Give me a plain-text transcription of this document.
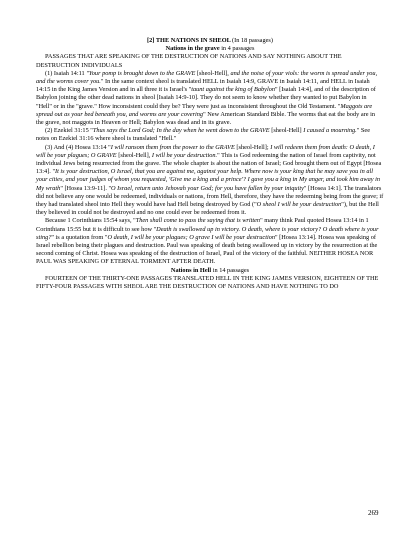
[2] THE NATIONS IN SHEOL (In 18 passages)
Nations in the grave in 4 passages

PASSAGES THAT ARE SPEAKING OF THE DESTRUCTION OF NATIONS AND SAY NOTHING ABOUT THE DESTRUCTION INDIVIDUALS

(1) Isaiah 14:11 "Your pomp is brought down to the GRAVE [sheol-Hell], and the noise of your viols: the worm is spread under you, and the worms cover you." In the same context sheol is translated HELL in Isaiah 14:9, GRAVE in Isaiah 14:11, and HELL in Isaiah 14:15 in the King James Version and in all three it is Israel's "taunt against the king of Babylon" [Isaiah 14:4], and of the description of Babylon joining the other dead nations in sheol [Isaiah 14:9-10]. They do not seem to know whether they wanted to put Babylon in "Hell" or in the "grave." How inconsistent could they be? They were just as inconsistent throughout the Old Testament. "Maggots are spread out as your bed beneath you, and worms are your covering" New American Standard Bible. The worms that eat the body are in the grave, not maggots in Heaven or Hell; Babylon was dead and in its grave.

(2) Ezekiel 31:15 "Thus says the Lord God; In the day when he went down to the GRAVE [sheol-Hell] I caused a mourning." See notes on Ezekiel 31:16 where sheol is translated "Hell."

(3) And (4) Hosea 13:14 "I will ransom them from the power to the GRAVE [sheol-Hell]; I will redeem them from death: O death, I will be your plagues; O GRAVE [sheol-Hell], I will be your destruction." This is God redeeming the nation of Israel from captivity, not individual Jews being resurrected from the grave. The whole chapter is about the nation of Israel; God brought them out of Egypt [Hosea 13:4]. "It is your destruction, O Israel, that you are against me, against your help. Where now is your king that he may save you in all your cities, and your judges of whom you requested, 'Give me a king and a prince'? I gave you a king in My anger, and took him away in My wrath" [Hosea 13:9-11]. "O Israel, return unto Jehovah your God; for you have fallen by your iniquity" [Hosea 14:1]. The translators did not believe any one would be redeemed, individuals or nations, from Hell, therefore, they have the redeeming being from the grave; if they had translated sheol into Hell they would have had Hell being destroyed by God ("O sheol I will be your destruction"), but the Hell they believed in could not be destroyed and no one could ever be redeemed from it.

Because 1 Corinthians 15:54 says, "Then shall come to pass the saying that is written" many think Paul quoted Hosea 13:14 in 1 Corinthians 15:55 but it is difficult to see how "Death is swallowed up in victory. O death, where is your victory? O death where is your sting?" is a quotation from "O death, I will be your plagues; O grave I will be your destruction" [Hosea 13:14]. Hosea was speaking of Israel rebellion being their plagues and destruction. Paul was speaking of death being swallowed up in victory by the resurrection at the second coming of Christ. Hosea was speaking of the destruction of Israel, Paul of the victory of the faithful. NEITHER HOSEA NOR PAUL WAS SPEAKING OF ETERNAL TORMENT AFTER DEATH.

Nations in Hell in 14 passages

FOURTEEN OF THE THIRTY-ONE PASSAGES TRANSLATED HELL IN THE KING JAMES VERSION, EIGHTEEN OF THE FIFTY-FOUR PASSAGES WITH SHEOL ARE THE DESTRUCTION OF NATIONS AND HAVE NOTHING TO DO

269
